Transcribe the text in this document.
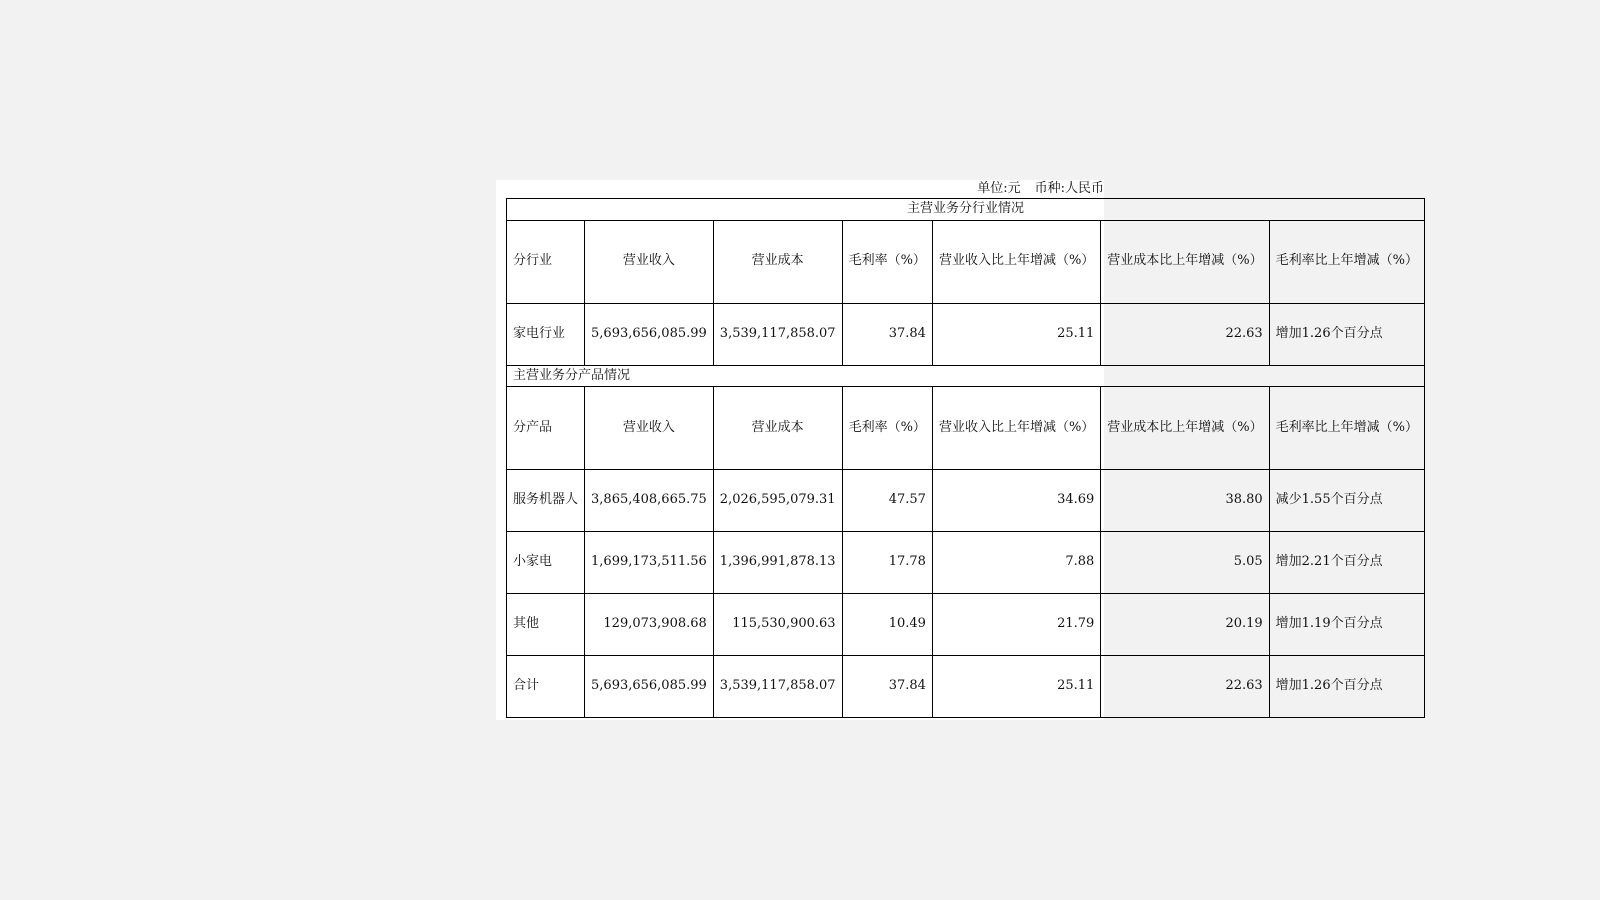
单位:元 币种:人民币
主营业务分行业情况						
分行业	营业收入	营业成本	毛利率（%）	营业收入比上年增减（%）	营业成本比上年增减（%）	毛利率比上年增减（%）
家电行业	5,693,656,085.99	3,539,117,858.07	37.84	25.11	22.63	增加1.26个百分点
主营业务分产品情况						
分产品	营业收入	营业成本	毛利率（%）	营业收入比上年增减（%）	营业成本比上年增减（%）	毛利率比上年增减（%）
服务机器人	3,865,408,665.75	2,026,595,079.31	47.57	34.69	38.80	减少1.55个百分点
小家电	1,699,173,511.56	1,396,991,878.13	17.78	7.88	5.05	增加2.21个百分点
其他	129,073,908.68	115,530,900.63	10.49	21.79	20.19	增加1.19个百分点
合计	5,693,656,085.99	3,539,117,858.07	37.84	25.11	22.63	增加1.26个百分点
